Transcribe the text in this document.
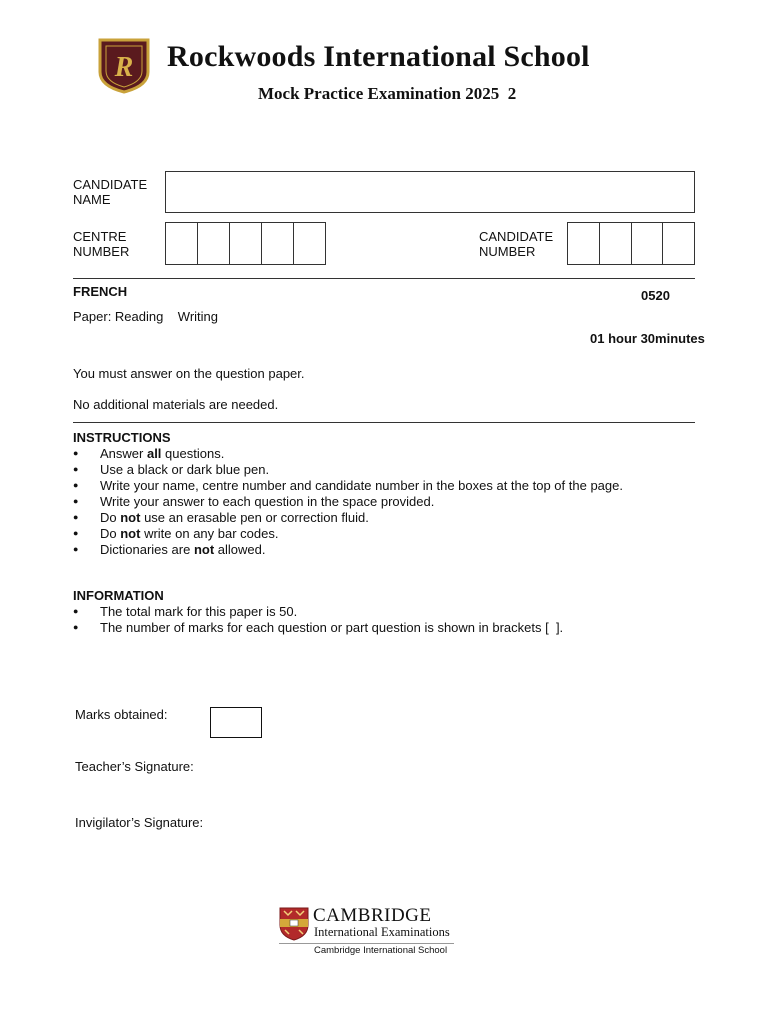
R Rockwoods International School
Mock Practice Examination 2025  2
CANDIDATE
NAME
CENTRE
NUMBER
CANDIDATE
NUMBER
FRENCH	0520
Paper: Reading    Writing
01 hour 30minutes
You must answer on the question paper.
No additional materials are needed.
INSTRUCTIONS
● Answer all questions.
● Use a black or dark blue pen.
● Write your name, centre number and candidate number in the boxes at the top of the page.
● Write your answer to each question in the space provided.
● Do not use an erasable pen or correction fluid.
● Do not write on any bar codes.
● Dictionaries are not allowed.
INFORMATION
● The total mark for this paper is 50.
● The number of marks for each question or part question is shown in brackets [  ].
Marks obtained:
Teacher’s Signature:
Invigilator’s Signature:
CAMBRIDGE
International Examinations
Cambridge International School
